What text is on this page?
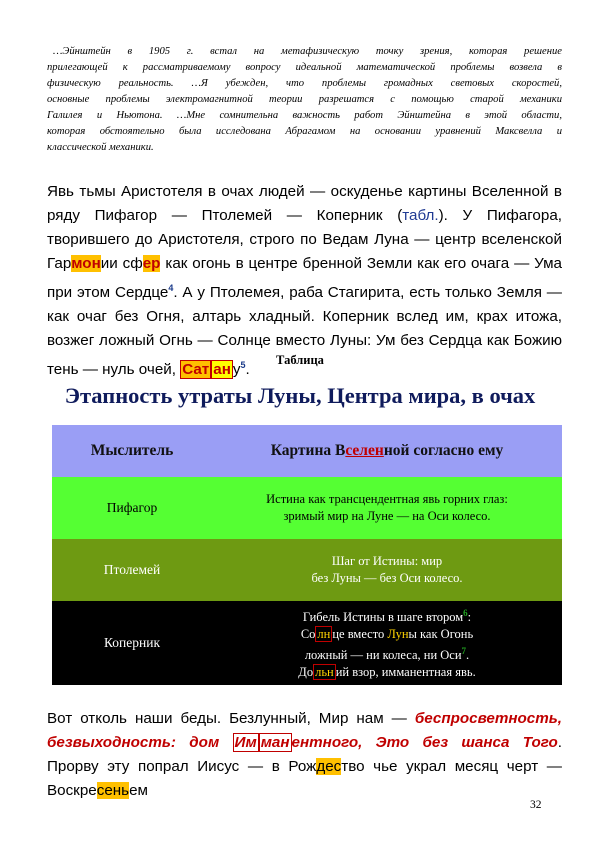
…Эйнштейн в 1905 г. встал на метафизическую точку зрения, которая решение

прилегающей к рассматриваемому вопросу идеальной математической проблемы возвела в

физическую реальность. …Я убежден, что проблемы громадных световых скоростей,

основные проблемы электромагнитной теории разрешатся с помощью старой механики

Галилея и Ньютона. …Мне сомнительна важность работ Эйнштейна в этой области,

которая обстоятельно была исследована Абрагамом на основании уравнений Максвелла и

классической механики.

Явь тьмы Аристотеля в очах людей — оскуденье картины Вселенной в ряду Пифагор — Птолемей — Коперник (табл.). У Пифагора, творившего до Аристотеля, строго по Ведам Луна — центр вселенской Гармонии сфер как огонь в центре бренной Земли как его очага — Ума при этом Сердце$^4$. А у Птолемея, раба Стагирита, есть только Земля — как очаг без Огня, алтарь хладный. Коперник вслед им, крах итожа, возжег ложный Огнь — Солнце вместо Луны: Ум без Сердца как Божию тень — нуль очей, Сат ан у$^5$.

Таблица
Этапность утраты Луны, Центра мира, в очах
Мыслитель	Картина Вселенной согласно ему
Пифагор	Истина как трансцендентная явь горних глаз:
зримый мир на Луне — на Оси колесо.
Птолемей	Шаг от Истины: мир
без Луны — без Оси колесо.
Коперник	Гибель Истины в шаге втором$^6$:
Со лн це вместо Луны как Огонь
ложный — ни колеса, ни Оси$^7$.
До льн ий взор, имманентная явь.

Вот отколь наши беды. Безлунный, Мир нам — беспросветность, безвыходность: дом Им ман ентного, Это без шанса Того. Прорву эту попрал Иисус — в Рождество чье украл месяц черт — Воскресеньем

32
